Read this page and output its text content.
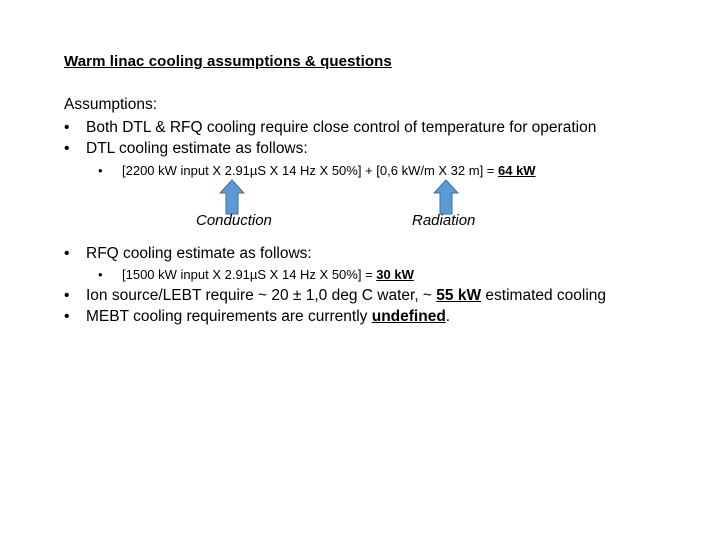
Warm linac cooling assumptions & questions
Assumptions:
• Both DTL & RFQ cooling require close control of temperature for operation
• DTL cooling estimate as follows:
• [2200 kW input X 2.91µS X 14 Hz X 50%] + [0,6 kW/m X 32 m] = 64 kW
Conduction	Radiation
• RFQ cooling estimate as follows:
• [1500 kW input X 2.91µS X 14 Hz X 50%] = 30 kW
• Ion source/LEBT require ~ 20 ± 1,0 deg C water, ~ 55 kW estimated cooling
• MEBT cooling requirements are currently undefined.
